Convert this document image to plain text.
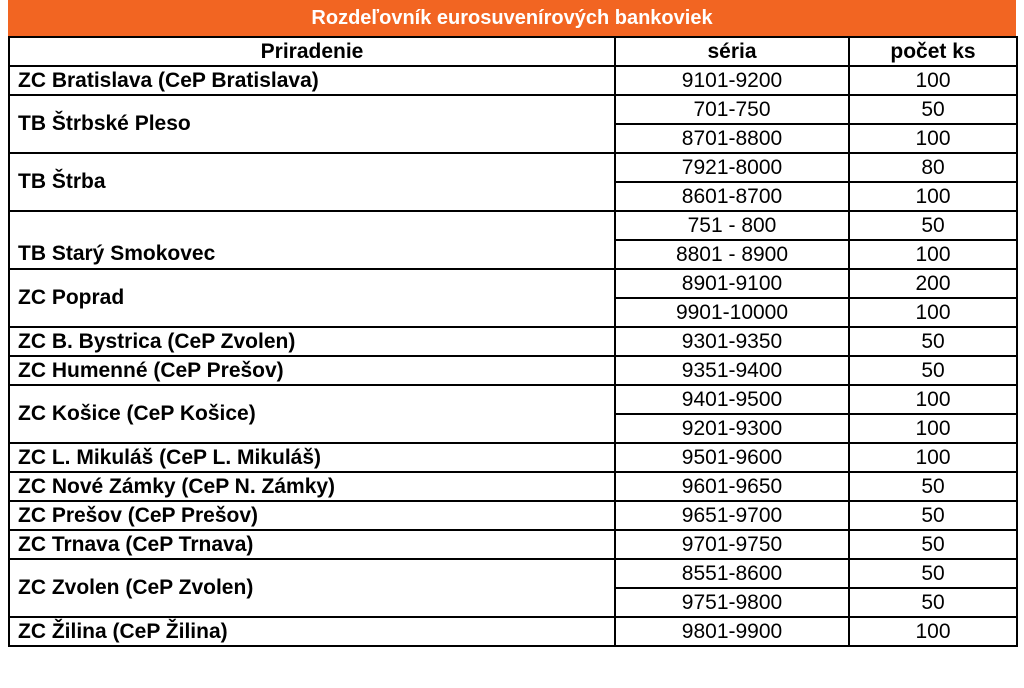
Rozdeľovník eurosuvenírových bankoviek
Priradenie	séria	počet ks
ZC Bratislava (CeP Bratislava)	9101-9200	100
TB Štrbské Pleso	701-750	50
	8701-8800	100
TB Štrba	7921-8000	80
	8601-8700	100
TB Starý Smokovec	751 - 800	50
	8801 - 8900	100
ZC Poprad	8901-9100	200
	9901-10000	100
ZC B. Bystrica (CeP Zvolen)	9301-9350	50
ZC Humenné (CeP Prešov)	9351-9400	50
ZC Košice (CeP Košice)	9401-9500	100
	9201-9300	100
ZC L. Mikuláš (CeP L. Mikuláš)	9501-9600	100
ZC Nové Zámky (CeP N. Zámky)	9601-9650	50
ZC Prešov (CeP Prešov)	9651-9700	50
ZC Trnava (CeP Trnava)	9701-9750	50
ZC Zvolen (CeP Zvolen)	8551-8600	50
	9751-9800	50
ZC Žilina (CeP Žilina)	9801-9900	100
